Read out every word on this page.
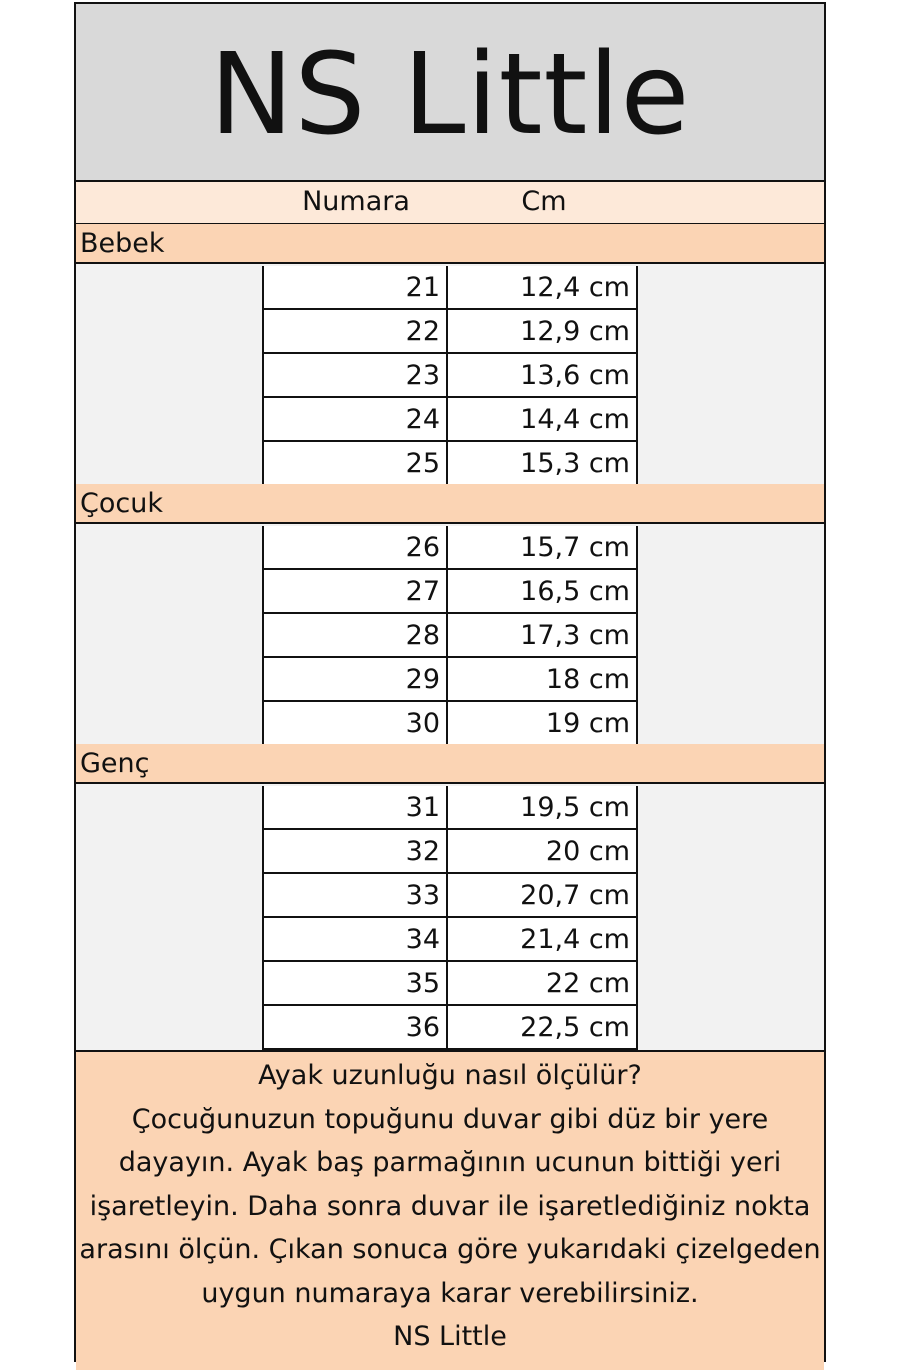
NS Little
Numara	Cm
Bebek
21	12,4 cm
22	12,9 cm
23	13,6 cm
24	14,4 cm
25	15,3 cm
Çocuk
26	15,7 cm
27	16,5 cm
28	17,3 cm
29	18 cm
30	19 cm
Genç
31	19,5 cm
32	20 cm
33	20,7 cm
34	21,4 cm
35	22 cm
36	22,5 cm
Ayak uzunluğu nasıl ölçülür?
Çocuğunuzun topuğunu duvar gibi düz bir yere
dayayın. Ayak baş parmağının ucunun bittiği yeri
işaretleyin. Daha sonra duvar ile işaretlediğiniz nokta
arasını ölçün. Çıkan sonuca göre yukarıdaki çizelgeden
uygun numaraya karar verebilirsiniz.
NS Little
